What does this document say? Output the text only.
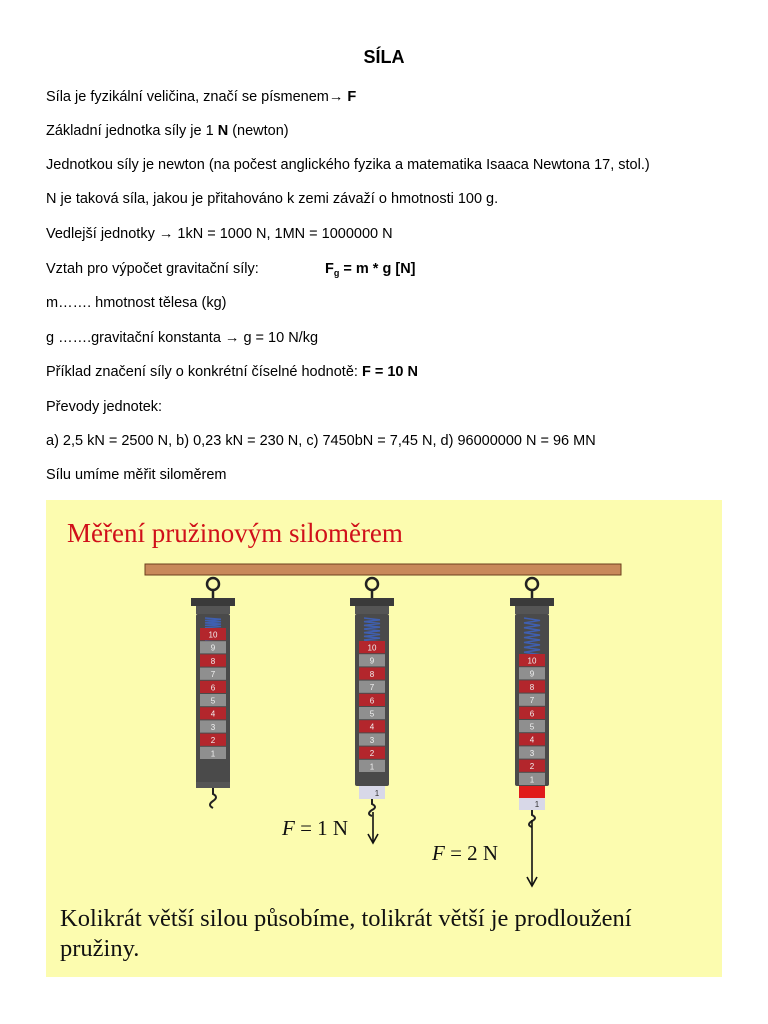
SÍLA
Síla je fyzikální veličina, značí se písmenem→ F
Základní jednotka síly je 1 N (newton)
Jednotkou síly je newton (na počest anglického fyzika a matematika Isaaca Newtona 17, stol.)
N je taková síla, jakou je přitahováno k zemi závaží o hmotnosti 100 g.
Vedlejší jednotky → 1kN = 1000 N, 1MN = 1000000 N
Vztah pro výpočet gravitační síly:	$F_g = m * g$ [N]
m……. hmotnost tělesa (kg)
g …….gravitační konstanta → g = 10 N/kg
Příklad značení síly o konkrétní číselné hodnotě: F = 10 N
Převody jednotek:
a) 2,5 kN = 2500 N, b) 0,23 kN = 230 N, c) 7450bN = 7,45 N, d) 96000000 N = 96 MN
Sílu umíme měřit siloměrem
Měření pružinovým siloměrem
10
9
8
7
6
5
4
3
2
1
10
9
8
7
6
5
4
3
2
1
1
10
9
8
7
6
5
4
3
2
1
1
F = 1 N
F = 2 N
Kolikrát větší silou působíme, tolikrát větší je prodloužení pružiny.
